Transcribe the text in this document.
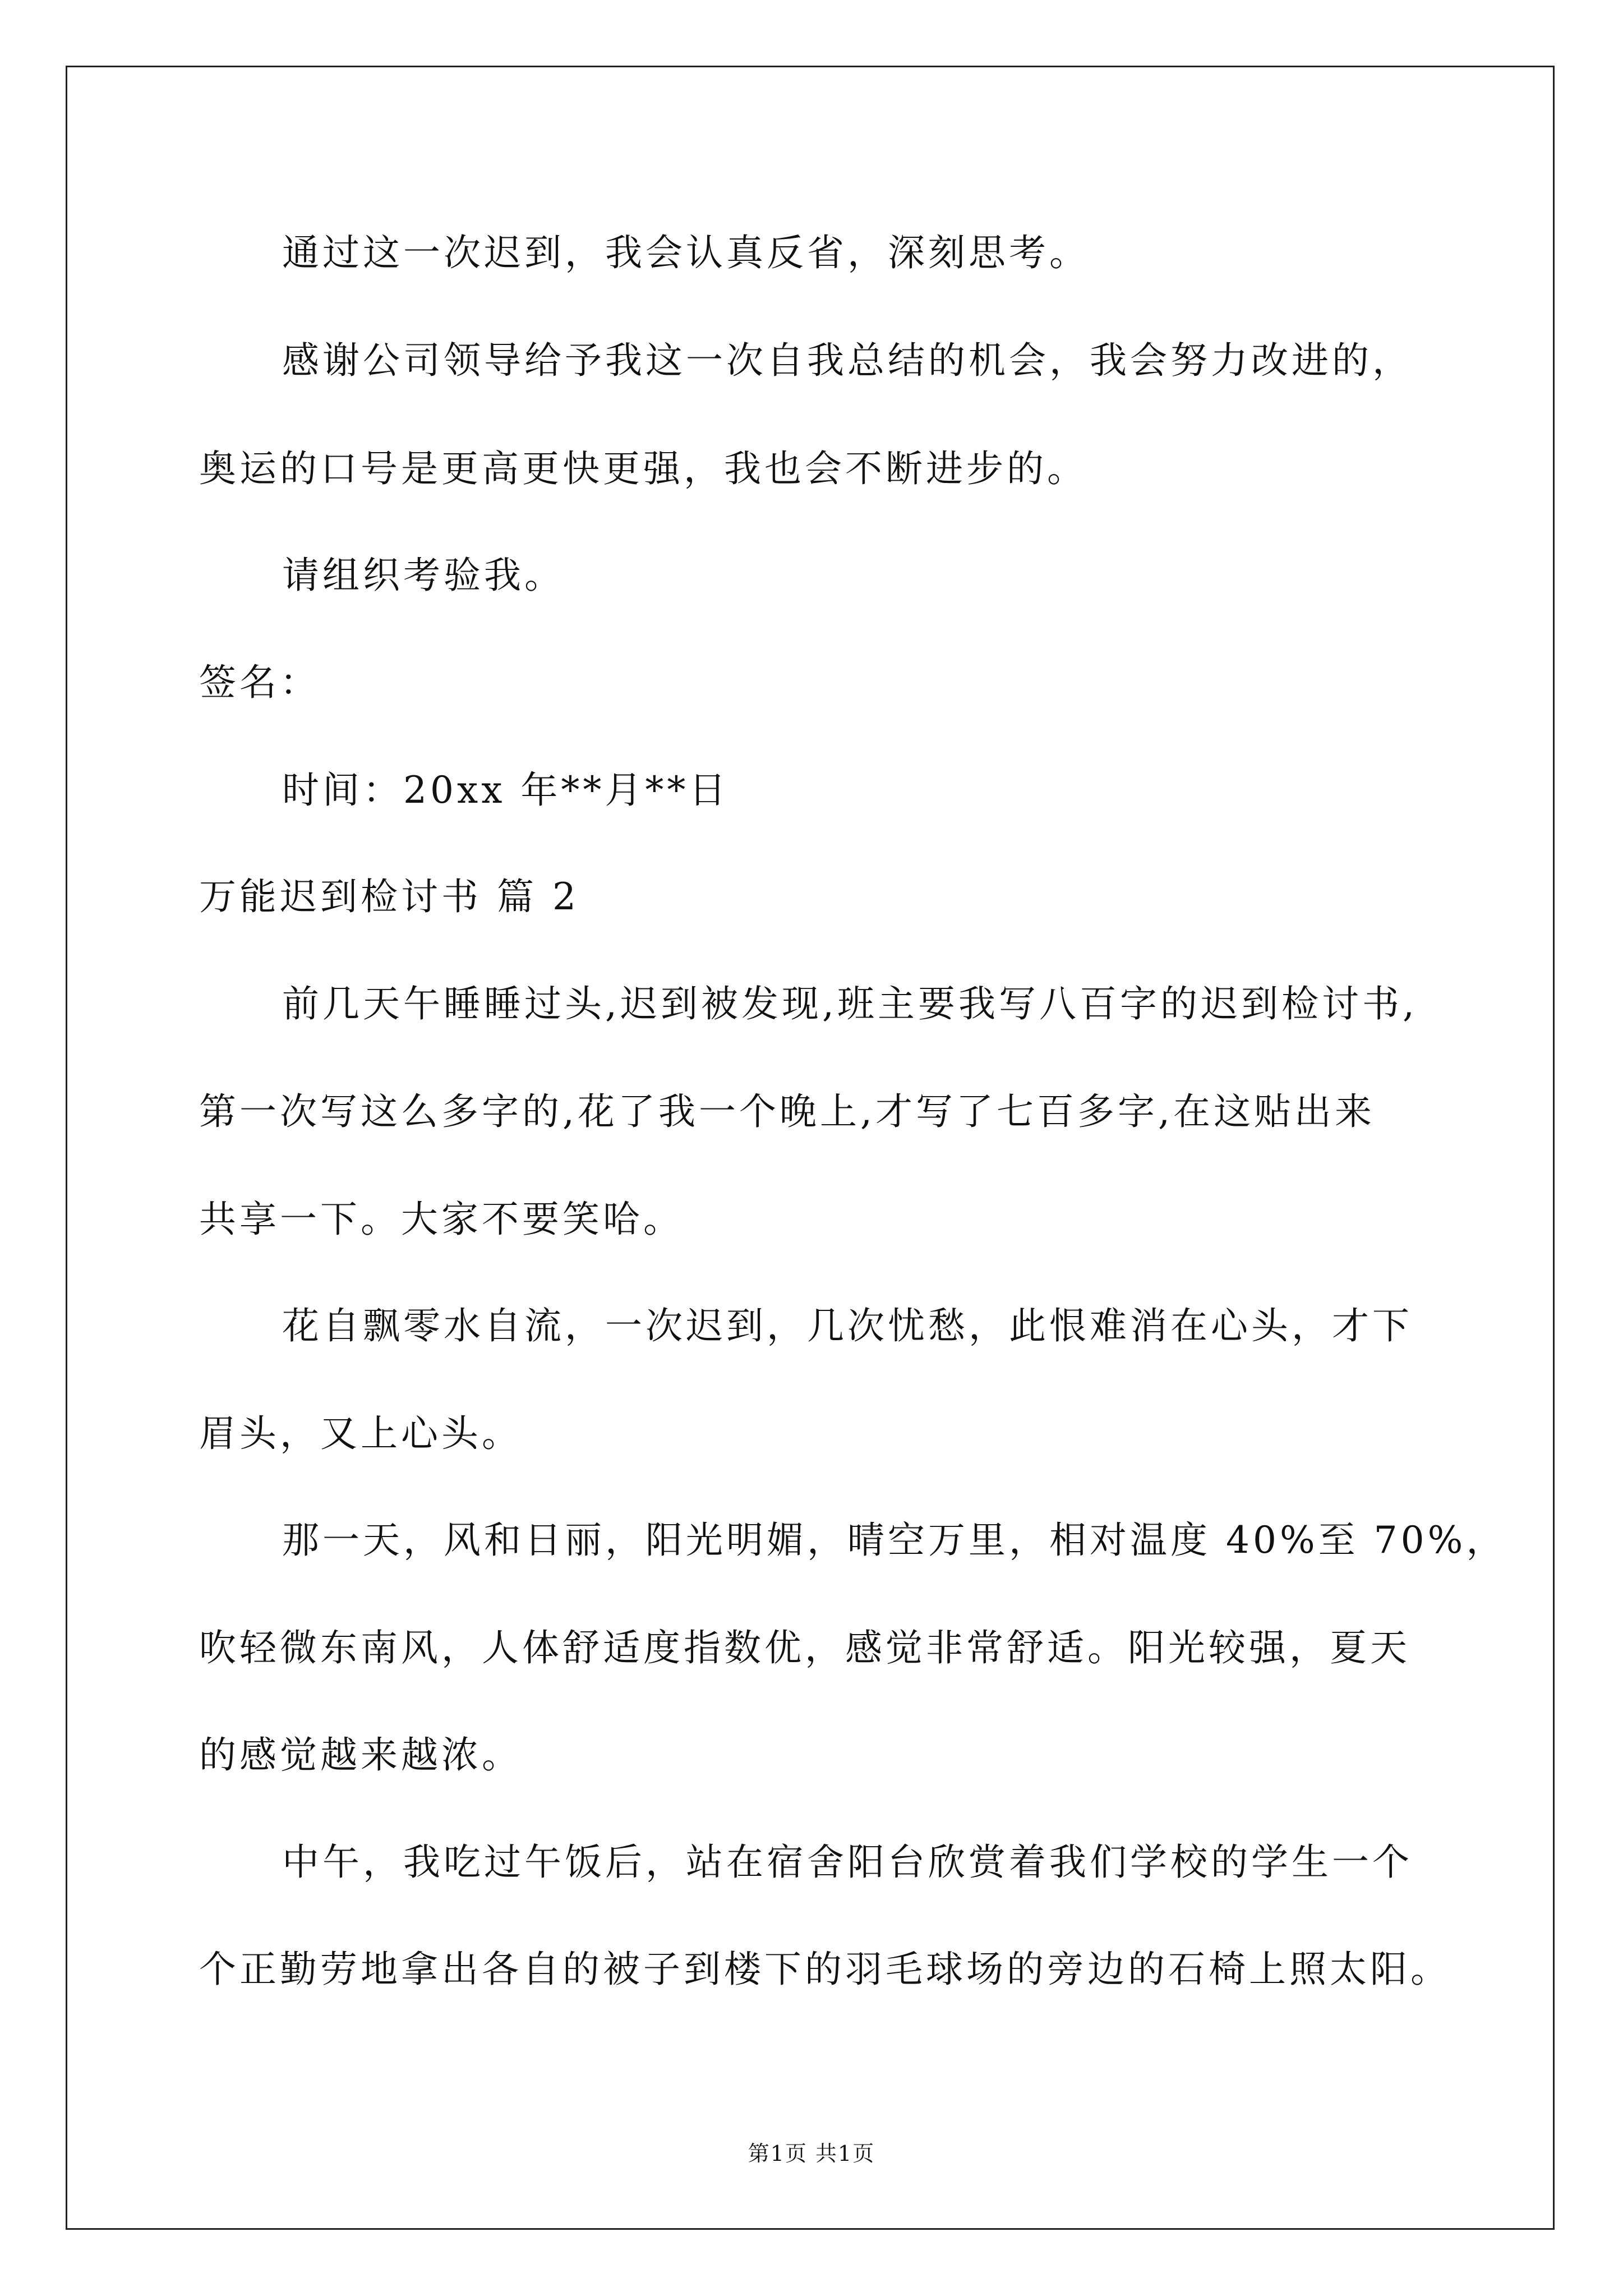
通过这一次迟到，我会认真反省，深刻思考。
感谢公司领导给予我这一次自我总结的机会，我会努力改进的，
奥运的口号是更高更快更强，我也会不断进步的。
请组织考验我。
签名：
时间：20xx 年**月**日
万能迟到检讨书 篇 2
前几天午睡睡过头,迟到被发现,班主要我写八百字的迟到检讨书,
第一次写这么多字的,花了我一个晚上,才写了七百多字,在这贴出来
共享一下。大家不要笑哈。
花自飘零水自流，一次迟到，几次忧愁，此恨难消在心头，才下
眉头，又上心头。
那一天，风和日丽，阳光明媚，晴空万里，相对温度 40%至 70%，
吹轻微东南风，人体舒适度指数优，感觉非常舒适。阳光较强，夏天
的感觉越来越浓。
中午，我吃过午饭后，站在宿舍阳台欣赏着我们学校的学生一个
个正勤劳地拿出各自的被子到楼下的羽毛球场的旁边的石椅上照太阳。
第1页 共1页
